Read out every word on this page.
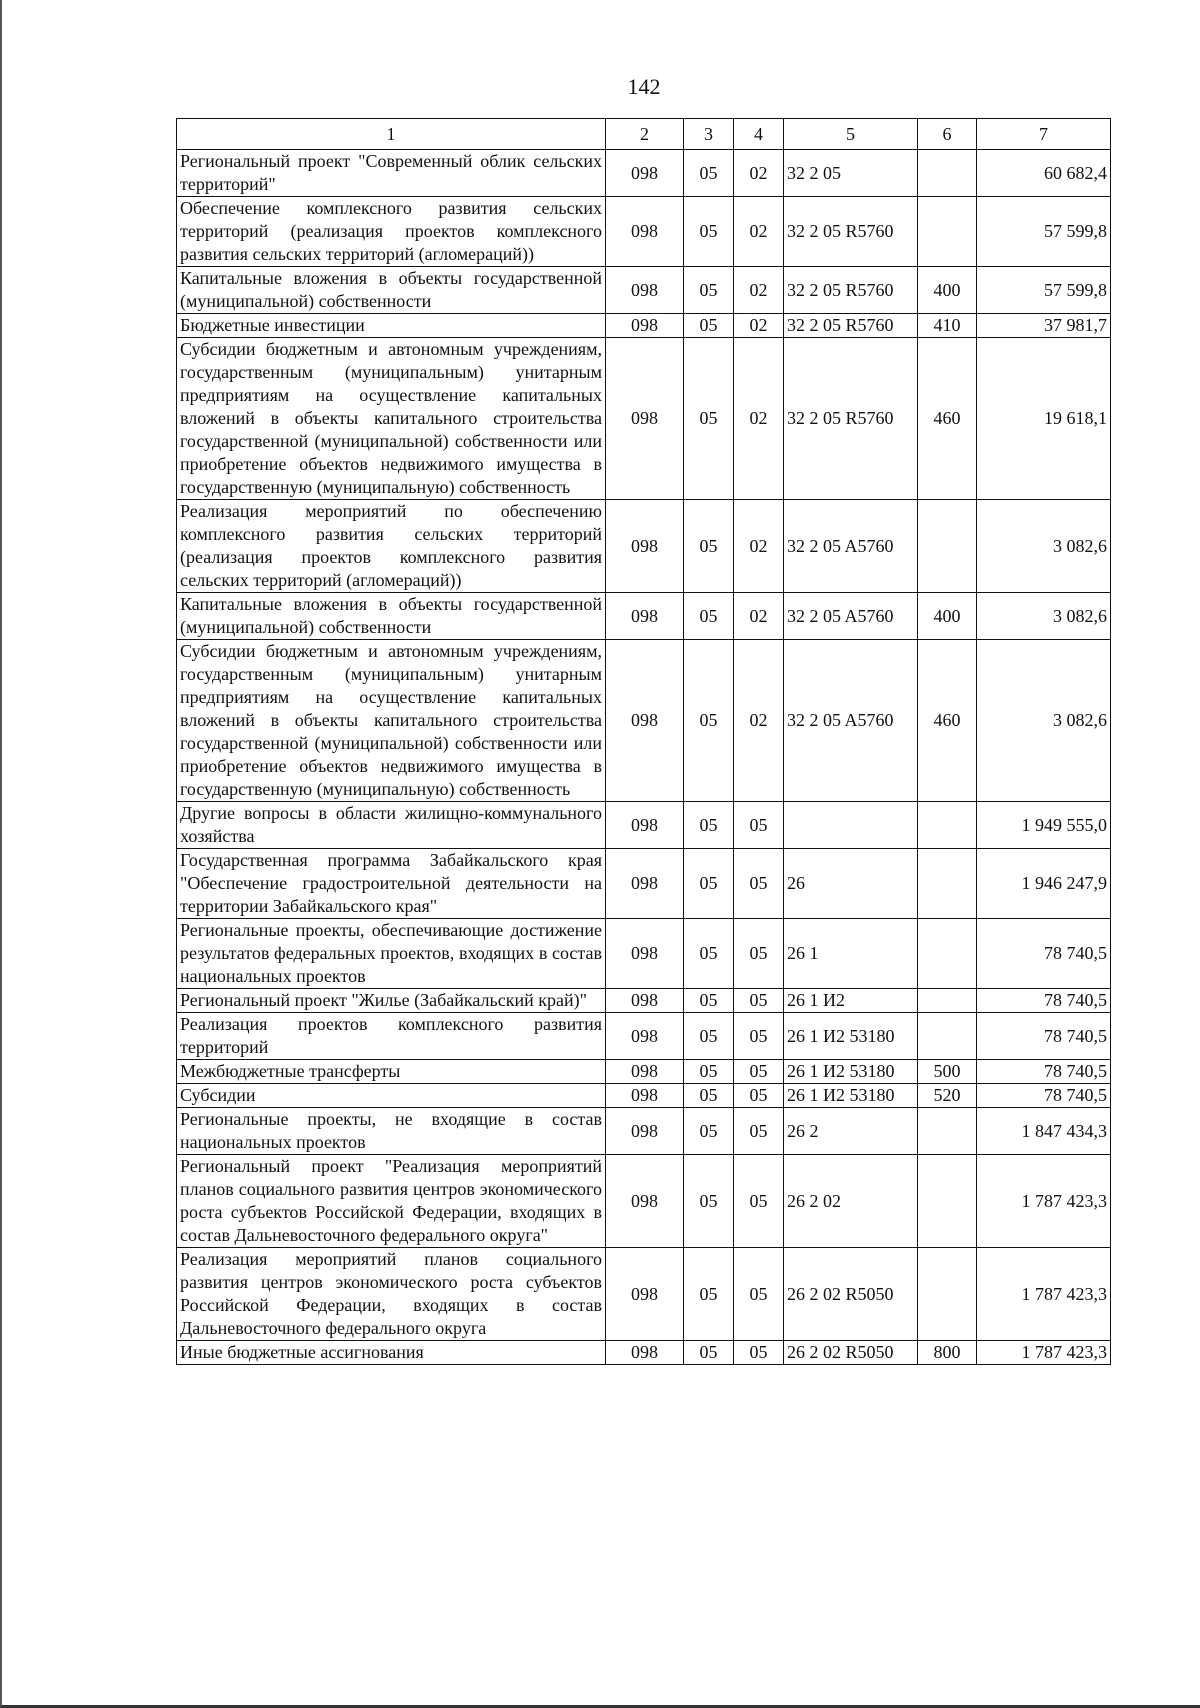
142
1	2	3	4	5	6	7
Региональный проект "Современный облик сельских территорий"	098	05	02	32 2 05		60 682,4
Обеспечение комплексного развития сельских территорий (реализация проектов комплексного развития сельских территорий (агломераций))	098	05	02	32 2 05 R5760		57 599,8
Капитальные вложения в объекты государственной (муниципальной) собственности	098	05	02	32 2 05 R5760	400	57 599,8
Бюджетные инвестиции	098	05	02	32 2 05 R5760	410	37 981,7
Субсидии бюджетным и автономным учреждениям, государственным (муниципальным) унитарным предприятиям на осуществление капитальных вложений в объекты капитального строительства государственной (муниципальной) собственности или приобретение объектов недвижимого имущества в государственную (муниципальную) собственность	098	05	02	32 2 05 R5760	460	19 618,1
Реализация мероприятий по обеспечению комплексного развития сельских территорий (реализация проектов комплексного развития сельских территорий (агломераций))	098	05	02	32 2 05 A5760		3 082,6
Капитальные вложения в объекты государственной (муниципальной) собственности	098	05	02	32 2 05 A5760	400	3 082,6
Субсидии бюджетным и автономным учреждениям, государственным (муниципальным) унитарным предприятиям на осуществление капитальных вложений в объекты капитального строительства государственной (муниципальной) собственности или приобретение объектов недвижимого имущества в государственную (муниципальную) собственность	098	05	02	32 2 05 A5760	460	3 082,6
Другие вопросы в области жилищно-коммунального хозяйства	098	05	05			1 949 555,0
Государственная программа Забайкальского края "Обеспечение градостроительной деятельности на территории Забайкальского края"	098	05	05	26		1 946 247,9
Региональные проекты, обеспечивающие достижение результатов федеральных проектов, входящих в состав национальных проектов	098	05	05	26 1		78 740,5
Региональный проект "Жилье (Забайкальский край)"	098	05	05	26 1 И2		78 740,5
Реализация проектов комплексного развития территорий	098	05	05	26 1 И2 53180		78 740,5
Межбюджетные трансферты	098	05	05	26 1 И2 53180	500	78 740,5
Субсидии	098	05	05	26 1 И2 53180	520	78 740,5
Региональные проекты, не входящие в состав национальных проектов	098	05	05	26 2		1 847 434,3
Региональный проект "Реализация мероприятий планов социального развития центров экономического роста субъектов Российской Федерации, входящих в состав Дальневосточного федерального округа"	098	05	05	26 2 02		1 787 423,3
Реализация мероприятий планов социального развития центров экономического роста субъектов Российской Федерации, входящих в состав Дальневосточного федерального округа	098	05	05	26 2 02 R5050		1 787 423,3
Иные бюджетные ассигнования	098	05	05	26 2 02 R5050	800	1 787 423,3
